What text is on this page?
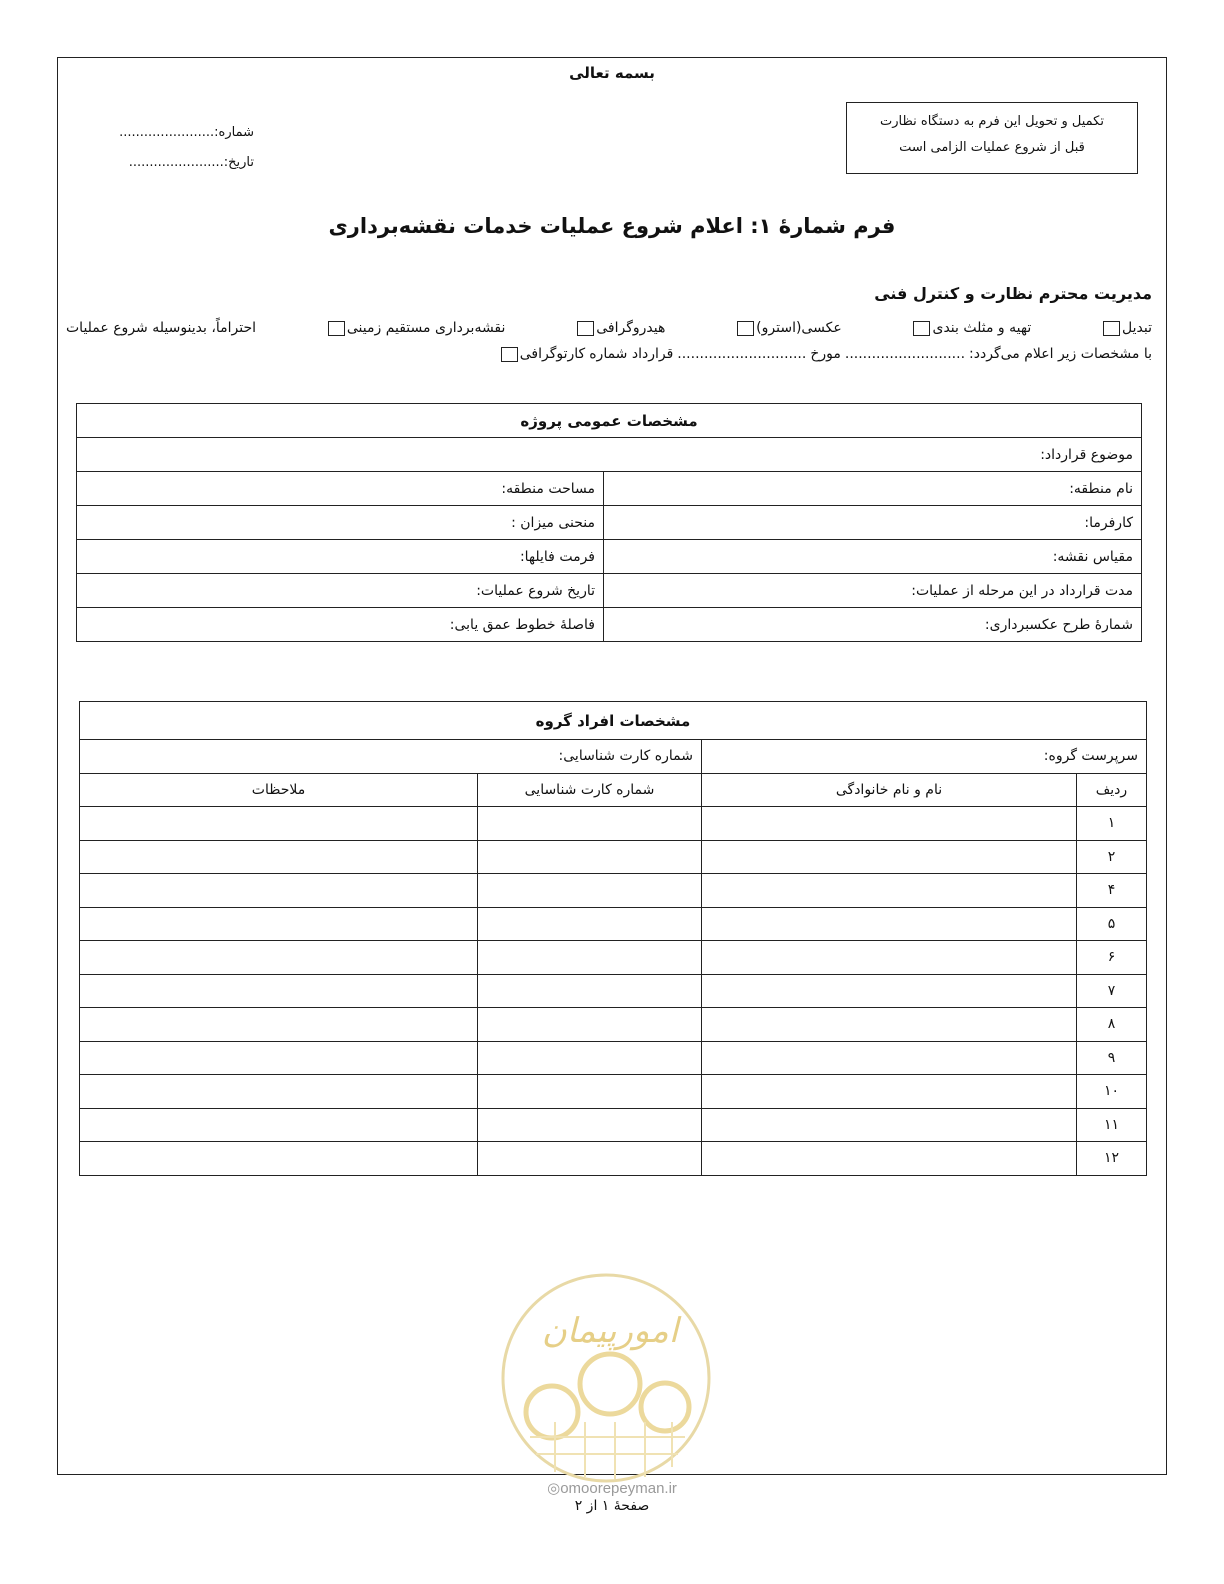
بسمه تعالی
تکمیل و تحویل این فرم به دستگاه نظارت
قبل از شروع عملیات الزامی است
شماره:.......................
تاریخ:.......................
فرم شمارهٔ ۱: اعلام شروع عملیات خدمات نقشه‌برداری
مدیریت محترم نظارت و کنترل فنی
احتراماً، بدینوسیله شروع عملیات	نقشه‌برداری مستقیم زمینی	هیدروگرافی	عکسی(استرو)	تهیه و مثلث بندی	تبدیل
کارتوگرافی قرارداد شماره ............................. مورخ ........................... با مشخصات زیر اعلام می‌گردد:
مشخصات عمومی پروژه	
موضوع قرارداد:	
نام منطقه:	مساحت منطقه:
کارفرما:	منحنی میزان :
مقیاس نقشه:	فرمت فایلها:
مدت قرارداد در این مرحله از عملیات:	تاریخ شروع عملیات:
شمارهٔ طرح عکسبرداری:	فاصلهٔ خطوط عمق یابی:
مشخصات افراد گروه			
سرپرست گروه:		شماره کارت شناسایی:	
ردیف	نام و نام خانوادگی	شماره کارت شناسایی	ملاحظات
۱			
۲			
۴			
۵			
۶			
۷			
۸			
۹			
۱۰			
۱۱			
۱۲			
امورپیمان
◎omoorepeyman.ir
صفحهٔ ۱ از ۲
